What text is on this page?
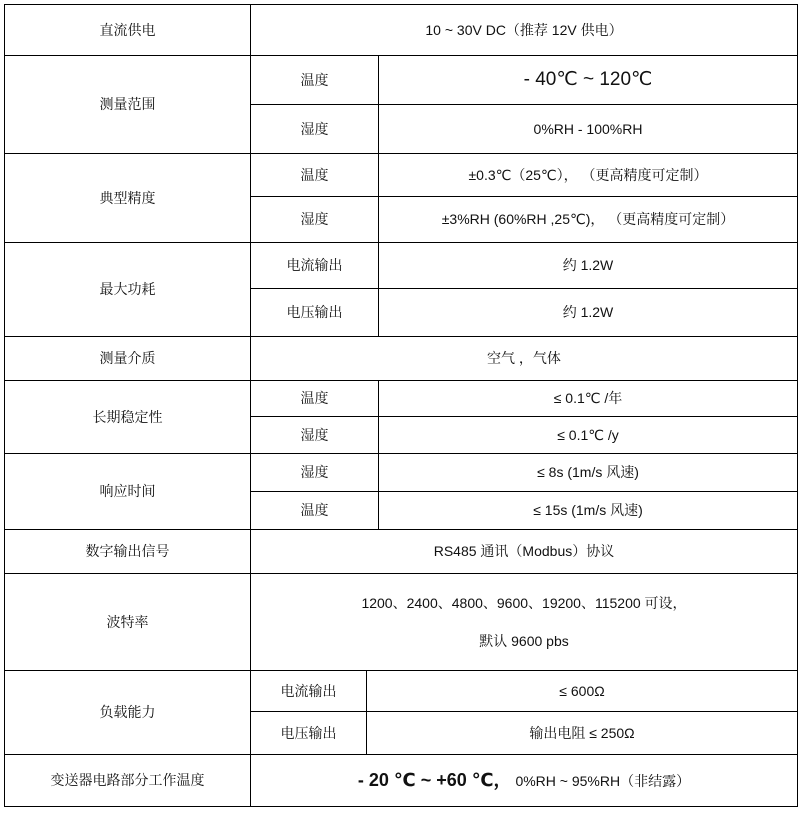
直流供电	10 ~ 30V DC（推荐 12V 供电）		
测量范围	温度		- 40℃ ~ 120℃
	湿度		0%RH - 100%RH
典型精度	温度		±0.3℃（25℃）， （更高精度可定制）
	湿度		±3%RH (60%RH ,25℃)， （更高精度可定制）
最大功耗	电流输出		约 1.2W
	电压输出		约 1.2W
测量介质	空气 ，气体		
长期稳定性	温度		≤ 0.1℃ /年
	湿度		≤ 0.1℃ /y
响应时间	湿度		≤ 8s (1m/s 风速)
	温度		≤ 15s (1m/s 风速)
数字输出信号	RS485 通讯（Modbus）协议		
波特率	1200、2400、4800、9600、19200、115200 可设，
默认 9600 pbs		

负载能力	电流输出	≤ 600Ω	
	电压输出	输出电阻 ≤ 250Ω	
变送器电路部分工作温度	- 20 ℃ ~ +60 ℃， 0%RH ~ 95%RH（非结露）		
